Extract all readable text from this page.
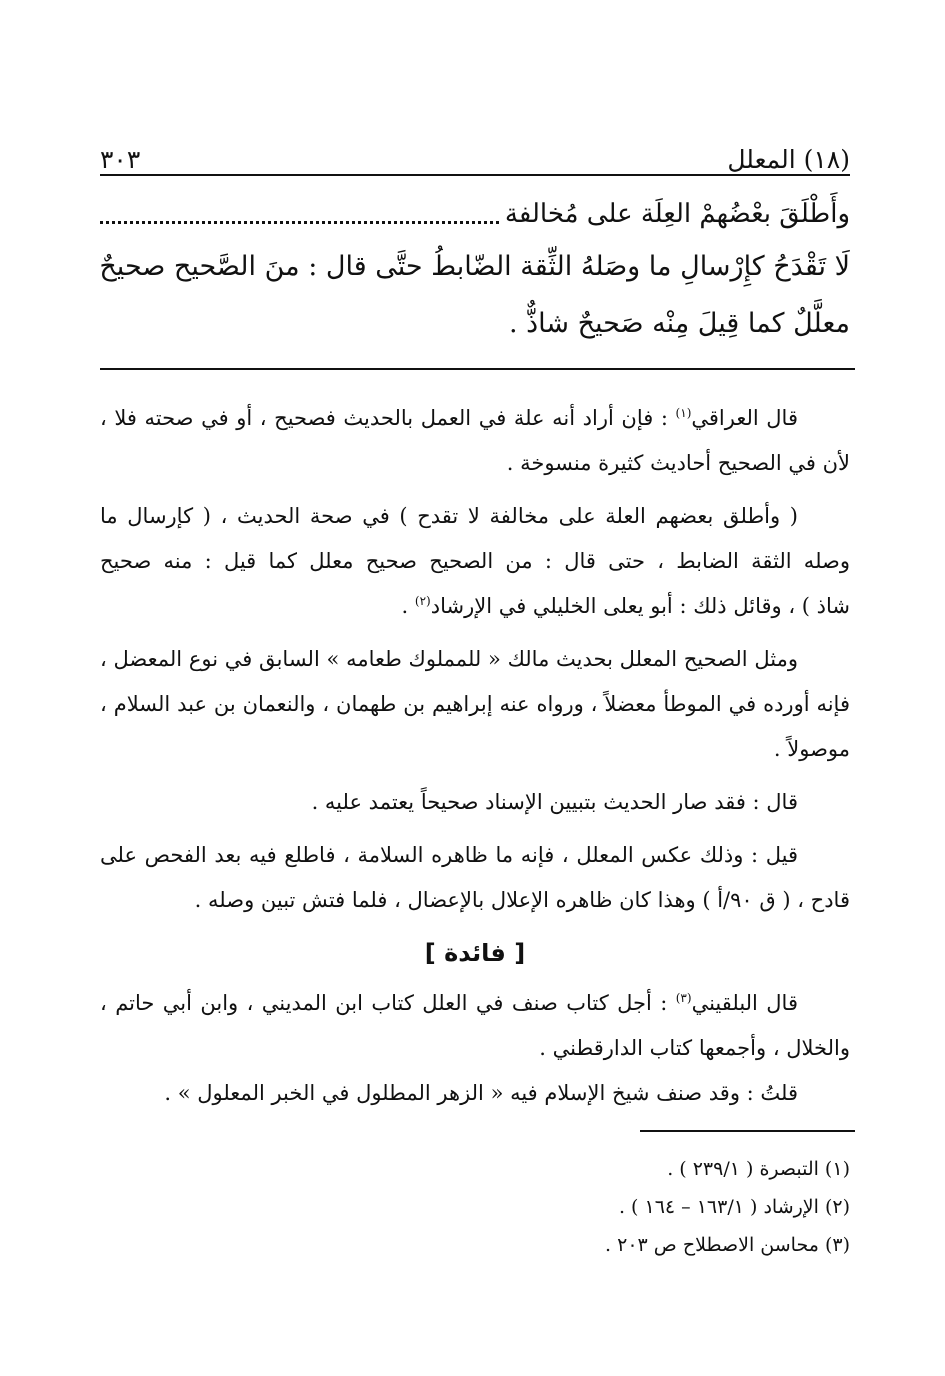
(١٨) المعلل
٣٠٣
وأَطْلَقَ بعْضُهمْ العِلَة على مُخالفة
لَا تَقْدَحُ كإِرْسالِ ما وصَلهُ الثِّقة الضّابطُ حتَّى قال : منَ الصَّحيح صحيحٌ
معلَّلٌ كما قِيلَ مِنْه صَحيحٌ شاذٌّ .

قال العراقي$^{(١)}$ : فإن أراد أنه علة في العمل بالحديث فصحيح ، أو في صحته فلا ،
لأن في الصحيح أحاديث كثيرة منسوخة .

( وأطلق بعضهم العلة على مخالفة لا تقدح ) في صحة الحديث ، ( كإرسال ما
وصله الثقة الضابط ، حتى قال : من الصحيح صحيح معلل كما قيل : منه صحيح
شاذ ) ، وقائل ذلك : أبو يعلى الخليلي في الإرشاد$^{(٢)}$ .

ومثل الصحيح المعلل بحديث مالك « للمملوك طعامه » السابق في نوع المعضل ،
فإنه أورده في الموطأ معضلاً ، ورواه عنه إبراهيم بن طهمان ، والنعمان بن عبد السلام ،
موصولاً .

قال : فقد صار الحديث بتبيين الإسناد صحيحاً يعتمد عليه .

قيل : وذلك عكس المعلل ، فإنه ما ظاهره السلامة ، فاطلع فيه بعد الفحص على
قادح ، ( ق ٩٠/أ ) وهذا كان ظاهره الإعلال بالإعضال ، فلما فتش تبين وصله .

[ فائدة ]

قال البلقيني$^{(٣)}$ : أجل كتاب صنف في العلل كتاب ابن المديني ، وابن أبي حاتم ،
والخلال ، وأجمعها كتاب الدارقطني .

قلتُ : وقد صنف شيخ الإسلام فيه « الزهر المطلول في الخبر المعلول » .

(١) التبصرة ( ٢٣٩/١ ) .
(٢) الإرشاد ( ١٦٣/١ – ١٦٤ ) .
(٣) محاسن الاصطلاح ص ٢٠٣ .
